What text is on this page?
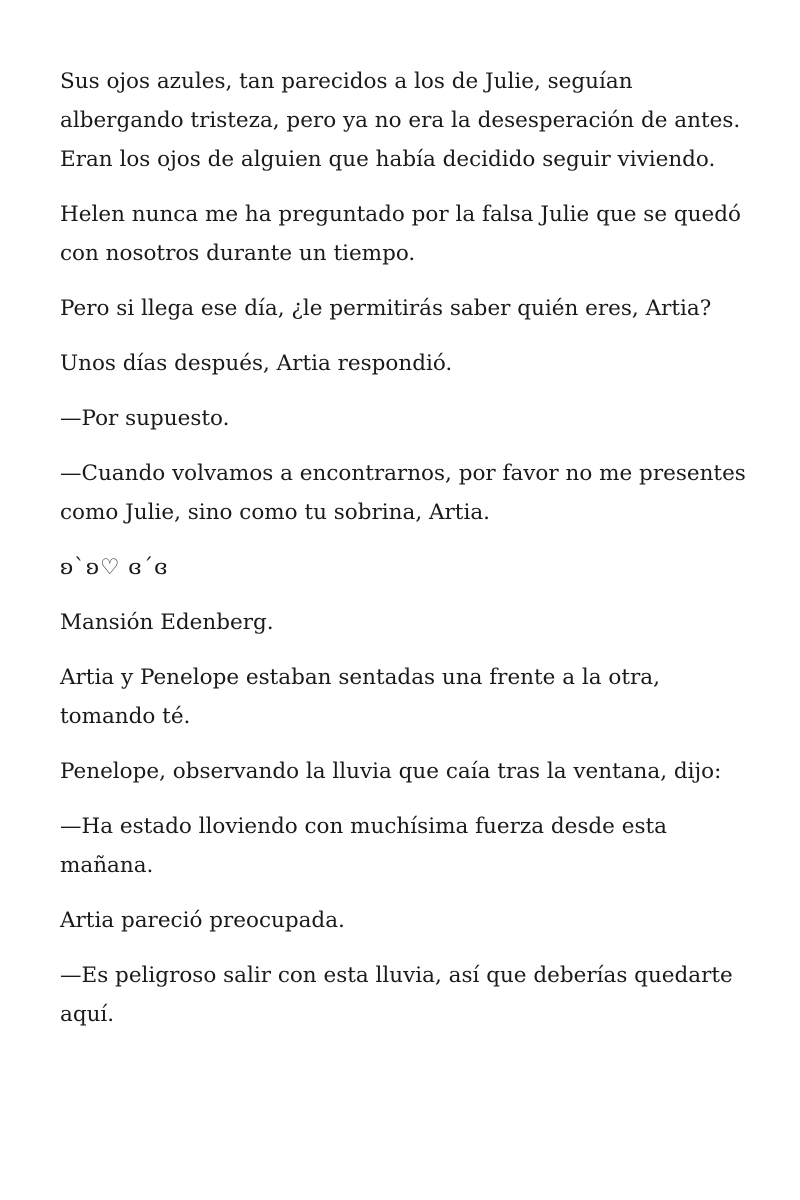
Sus ojos azules, tan parecidos a los de Julie, seguían albergando tristeza, pero ya no era la desesperación de antes. Eran los ojos de alguien que había decidido seguir viviendo.

Helen nunca me ha preguntado por la falsa Julie que se quedó con nosotros durante un tiempo.

Pero si llega ese día, ¿le permitirás saber quién eres, Artia?

Unos días después, Artia respondió.

—Por supuesto.

—Cuando volvamos a encontrarnos, por favor no me presentes como Julie, sino como tu sobrina, Artia.

ʚ`ʚ♡ ɞ´ɞ

Mansión Edenberg.

Artia y Penelope estaban sentadas una frente a la otra, tomando té.

Penelope, observando la lluvia que caía tras la ventana, dijo:

—Ha estado lloviendo con muchísima fuerza desde esta mañana.

Artia pareció preocupada.

—Es peligroso salir con esta lluvia, así que deberías quedarte aquí.
